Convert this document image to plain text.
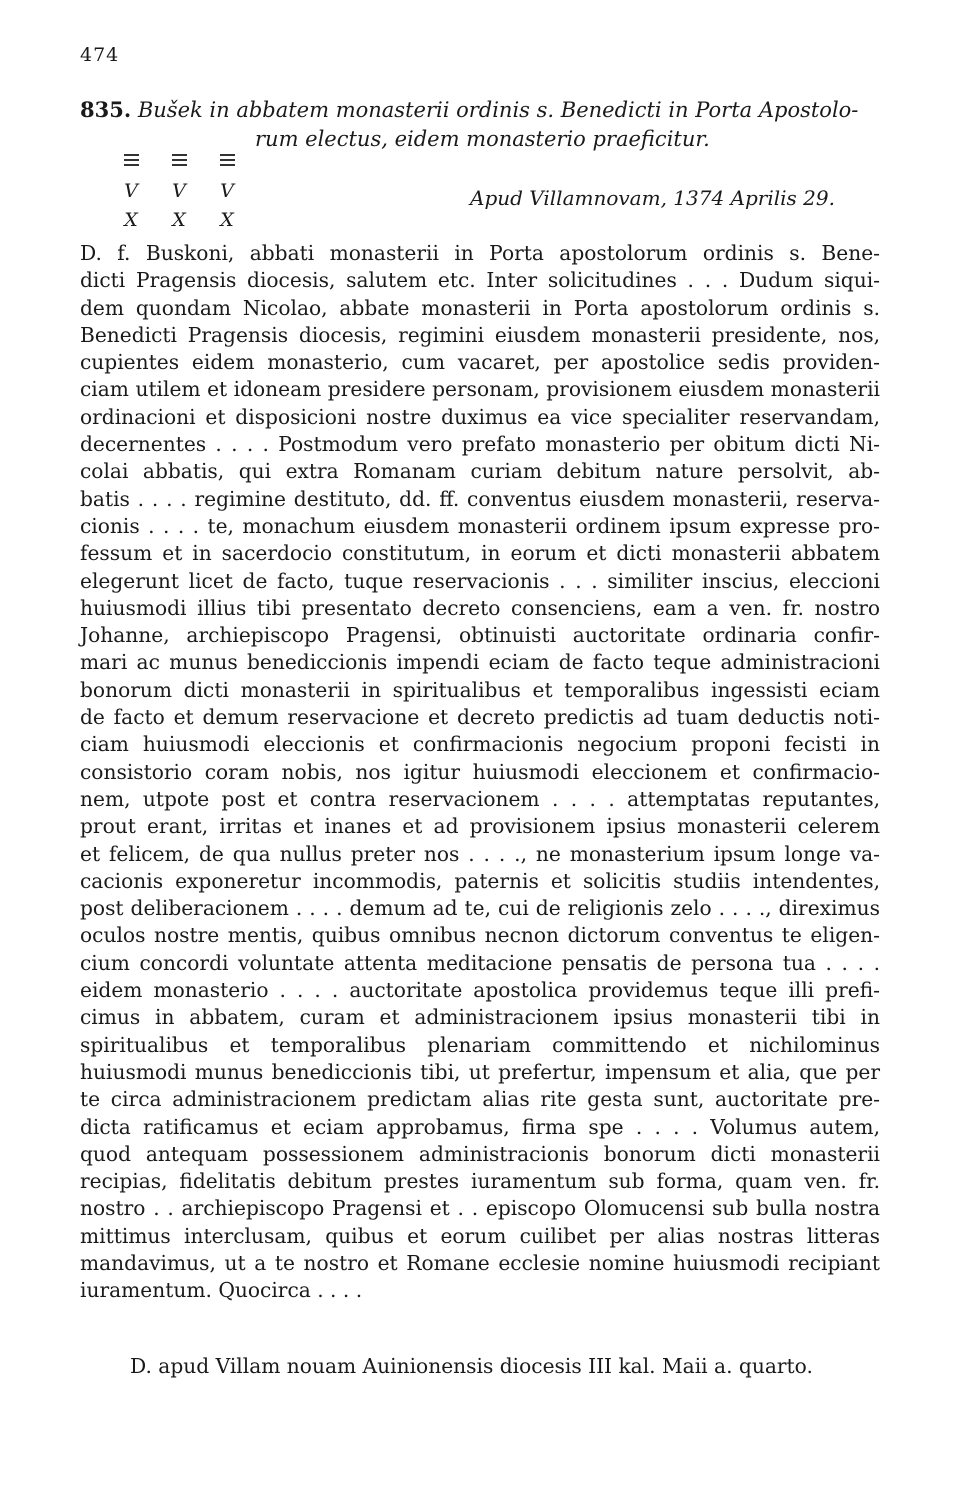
474
835. Bušek in abbatem monasterii ordinis s. Benedicti in Porta Apostolo-
rum electus, eidem monasterio praeficitur.
V
X
V
X
V
X
Apud Villamnovam, 1374 Aprilis 29.
D. f. Buskoni, abbati monasterii in Porta apostolorum ordinis s. Bene-
dicti Pragensis diocesis, salutem etc. Inter solicitudines . . . Dudum siqui-
dem quondam Nicolao, abbate monasterii in Porta apostolorum ordinis s.
Benedicti Pragensis diocesis, regimini eiusdem monasterii presidente, nos,
cupientes eidem monasterio, cum vacaret, per apostolice sedis providen-
ciam utilem et idoneam presidere personam, provisionem eiusdem monasterii
ordinacioni et disposicioni nostre duximus ea vice specialiter reservandam,
decernentes . . . . Postmodum vero prefato monasterio per obitum dicti Ni-
colai abbatis, qui extra Romanam curiam debitum nature persolvit, ab-
batis . . . . regimine destituto, dd. ff. conventus eiusdem monasterii, reserva-
cionis . . . . te, monachum eiusdem monasterii ordinem ipsum expresse pro-
fessum et in sacerdocio constitutum, in eorum et dicti monasterii abbatem
elegerunt licet de facto, tuque reservacionis . . . similiter inscius, eleccioni
huiusmodi illius tibi presentato decreto consenciens, eam a ven. fr. nostro
Johanne, archiepiscopo Pragensi, obtinuisti auctoritate ordinaria confir-
mari ac munus benediccionis impendi eciam de facto teque administracioni
bonorum dicti monasterii in spiritualibus et temporalibus ingessisti eciam
de facto et demum reservacione et decreto predictis ad tuam deductis noti-
ciam huiusmodi eleccionis et confirmacionis negocium proponi fecisti in
consistorio coram nobis, nos igitur huiusmodi eleccionem et confirmacio-
nem, utpote post et contra reservacionem . . . . attemptatas reputantes,
prout erant, irritas et inanes et ad provisionem ipsius monasterii celerem
et felicem, de qua nullus preter nos . . . ., ne monasterium ipsum longe va-
cacionis exponeretur incommodis, paternis et solicitis studiis intendentes,
post deliberacionem . . . . demum ad te, cui de religionis zelo . . . ., direximus
oculos nostre mentis, quibus omnibus necnon dictorum conventus te eligen-
cium concordi voluntate attenta meditacione pensatis de persona tua . . . .
eidem monasterio . . . . auctoritate apostolica providemus teque illi prefi-
cimus in abbatem, curam et administracionem ipsius monasterii tibi in
spiritualibus et temporalibus plenariam committendo et nichilominus
huiusmodi munus benediccionis tibi, ut prefertur, impensum et alia, que per
te circa administracionem predictam alias rite gesta sunt, auctoritate pre-
dicta ratificamus et eciam approbamus, firma spe . . . . Volumus autem,
quod antequam possessionem administracionis bonorum dicti monasterii
recipias, fidelitatis debitum prestes iuramentum sub forma, quam ven. fr.
nostro . . archiepiscopo Pragensi et . . episcopo Olomucensi sub bulla nostra
mittimus interclusam, quibus et eorum cuilibet per alias nostras litteras
mandavimus, ut a te nostro et Romane ecclesie nomine huiusmodi recipiant
iuramentum. Quocirca . . . .
D. apud Villam nouam Auinionensis diocesis III kal. Maii a. quarto.
